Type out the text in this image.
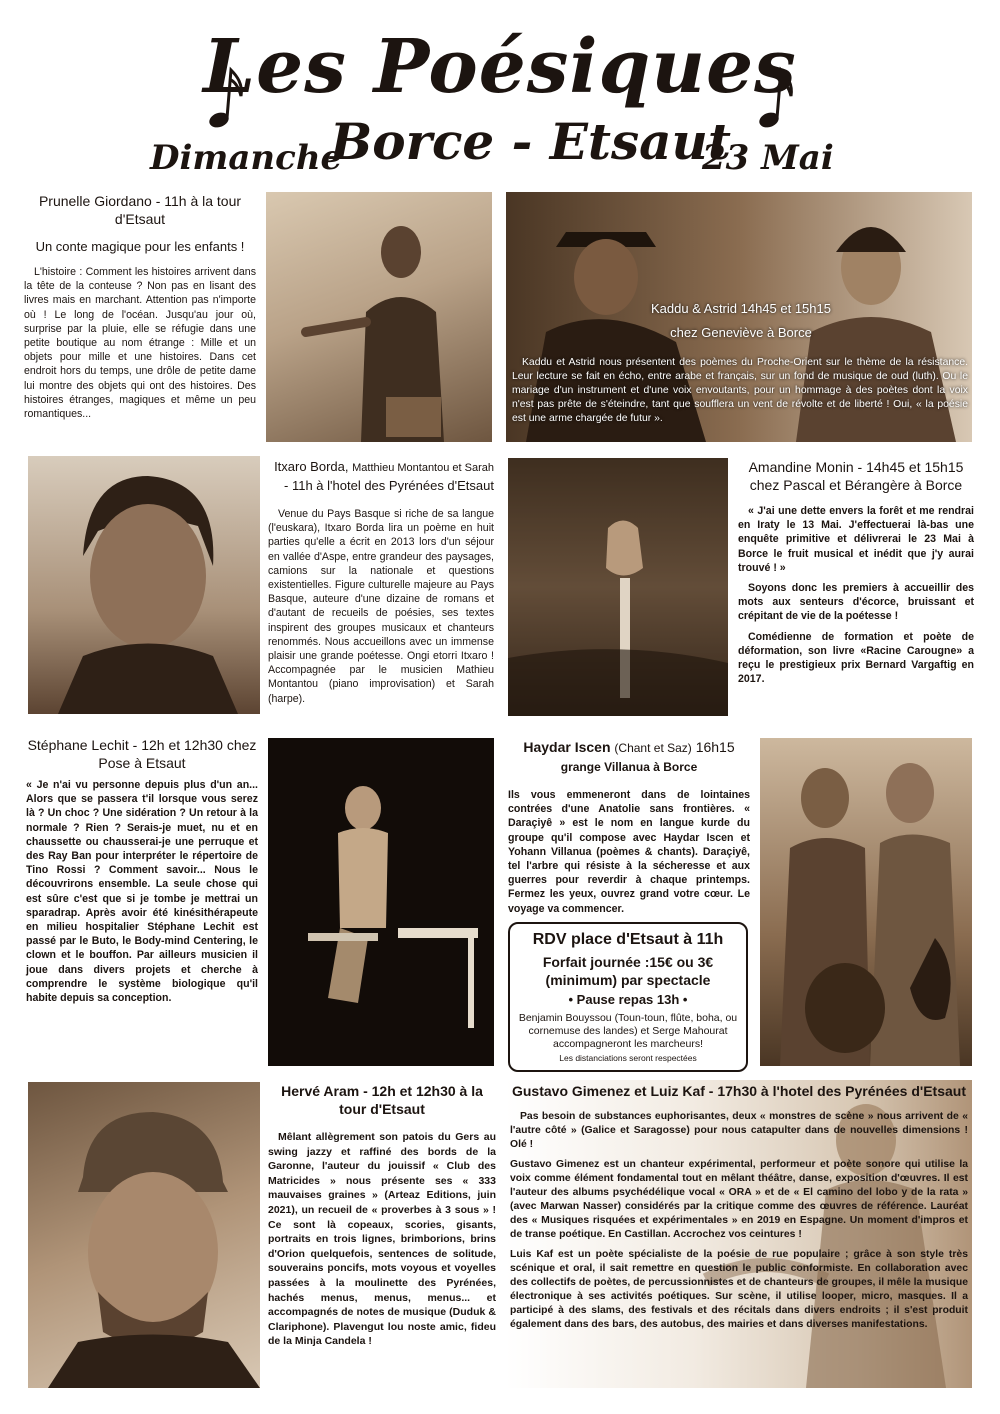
Les Poésiques
Dimanche
Borce - Etsaut
23 Mai
Prunelle Giordano - 11h à la tour d'Etsaut
Un conte magique pour les enfants !

L'histoire : Comment les histoires arrivent dans la tête de la conteuse ? Non pas en lisant des livres mais en marchant. Attention pas n'importe où ! Le long de l'océan. Jusqu'au jour où, surprise par la pluie, elle se réfugie dans une petite boutique au nom étrange : Mille et un objets pour mille et une histoires. Dans cet endroit hors du temps, une drôle de petite dame lui montre des objets qui ont des histoires. Des histoires étranges, magiques et même un peu romantiques...

Kaddu & Astrid 14h45 et 15h15
chez Geneviève à Borce

Kaddu et Astrid nous présentent des poèmes du Proche-Orient sur le thème de la résistance. Leur lecture se fait en écho, entre arabe et français, sur un fond de musique de oud (luth). Ou le mariage d'un instrument et d'une voix envoutants, pour un hommage à des poètes dont la voix n'est pas prête de s'éteindre, tant que soufflera un vent de révolte et de liberté ! Oui, « la poésie est une arme chargée de futur ».

Itxaro Borda, Matthieu Montantou et Sarah - 11h à l'hotel des Pyrénées d'Etsaut

Venue du Pays Basque si riche de sa langue (l'euskara), Itxaro Borda lira un poème en huit parties qu'elle a écrit en 2013 lors d'un séjour en vallée d'Aspe, entre grandeur des paysages, camions sur la nationale et questions existentielles. Figure culturelle majeure au Pays Basque, auteure d'une dizaine de romans et d'autant de recueils de poésies, ses textes inspirent des groupes musicaux et chanteurs renommés. Nous accueillons avec un immense plaisir une grande poétesse. Ongi etorri Itxaro ! Accompagnée par le musicien Mathieu Montantou (piano improvisation) et Sarah (harpe).

Amandine Monin - 14h45 et 15h15 chez Pascal et Bérangère à Borce

« J'ai une dette envers la forêt et me rendrai en Iraty le 13 Mai. J'effectuerai là-bas une enquête primitive et délivrerai le 23 Mai à Borce le fruit musical et inédit que j'y aurai trouvé ! »

Soyons donc les premiers à accueillir des mots aux senteurs d'écorce, bruissant et crépitant de vie de la poétesse !

Comédienne de formation et poète de déformation, son livre «Racine Carougne» a reçu le prestigieux prix Bernard Vargaftig en 2017.

Stéphane Lechit - 12h et 12h30 chez Pose à Etsaut

« Je n'ai vu personne depuis plus d'un an... Alors que se passera t'il lorsque vous serez là ? Un choc ? Une sidération ? Un retour à la normale ? Rien ? Serais-je muet, nu et en chaussette ou chausserai-je une perruque et des Ray Ban pour interpréter le répertoire de Tino Rossi ? Comment savoir... Nous le découvrirons ensemble. La seule chose qui est sûre c'est que si je tombe je mettrai un sparadrap. Après avoir été kinésithérapeute en milieu hospitalier Stéphane Lechit est passé par le Buto, le Body-mind Centering, le clown et le bouffon. Par ailleurs musicien il joue dans divers projets et cherche à comprendre le système biologique qu'il habite depuis sa conception.

Haydar Iscen (Chant et Saz) 16h15
grange Villanua à Borce

Ils vous emmeneront dans de lointaines contrées d'une Anatolie sans frontières. « Daraçiyê » est le nom en langue kurde du groupe qu'il compose avec Haydar Iscen et Yohann Villanua (poèmes & chants). Daraçiyê, tel l'arbre qui résiste à la sécheresse et aux guerres pour reverdir à chaque printemps. Fermez les yeux, ouvrez grand votre cœur. Le voyage va commencer.

RDV place d'Etsaut à 11h
Forfait journée :15€ ou 3€ (minimum) par spectacle
• Pause repas 13h •
Benjamin Bouyssou (Toun-toun, flûte, boha, ou cornemuse des landes) et Serge Mahourat accompagneront les marcheurs!
Les distanciations seront respectées
Hervé Aram - 12h et 12h30 à la tour d'Etsaut

Mêlant allègrement son patois du Gers au swing jazzy et raffiné des bords de la Garonne, l'auteur du jouissif « Club des Matricides » nous présente ses « 333 mauvaises graines » (Arteaz Editions, juin 2021), un recueil de « proverbes à 3 sous » ! Ce sont là copeaux, scories, gisants, portraits en trois lignes, brimborions, brins d'Orion quelquefois, sentences de solitude, souverains poncifs, mots voyous et voyelles passées à la moulinette des Pyrénées, hachés menus, menus, menus... et accompagnés de notes de musique (Duduk & Clariphone). Plavengut lou noste amic, fideu de la Minja Candela !

Gustavo Gimenez et Luiz Kaf - 17h30 à l'hotel des Pyrénées d'Etsaut

Pas besoin de substances euphorisantes, deux « monstres de scène » nous arrivent de « l'autre côté » (Galice et Saragosse) pour nous catapulter dans de nouvelles dimensions ! Olé !

Gustavo Gimenez est un chanteur expérimental, performeur et poète sonore qui utilise la voix comme élément fondamental tout en mêlant théâtre, danse, exposition d'œuvres. Il est l'auteur des albums psychédélique vocal « ORA » et de « El camino del lobo y de la rata » (avec Marwan Nasser) considérés par la critique comme des œuvres de référence. Lauréat des « Musiques risquées et expérimentales » en 2019 en Espagne. Un moment d'impros et de transe poétique. En Castillan. Accrochez vos ceintures !

Luis Kaf est un poète spécialiste de la poésie de rue populaire ; grâce à son style très scénique et oral, il sait remettre en question le public conformiste. En collaboration avec des collectifs de poètes, de percussionnistes et de chanteurs de groupes, il mêle la musique électronique à ses activités poétiques. Sur scène, il utilise looper, micro, masques. Il a participé à des slams, des festivals et des récitals dans divers endroits ; il s'est produit également dans des bars, des autobus, des mairies et dans diverses manifestations.
